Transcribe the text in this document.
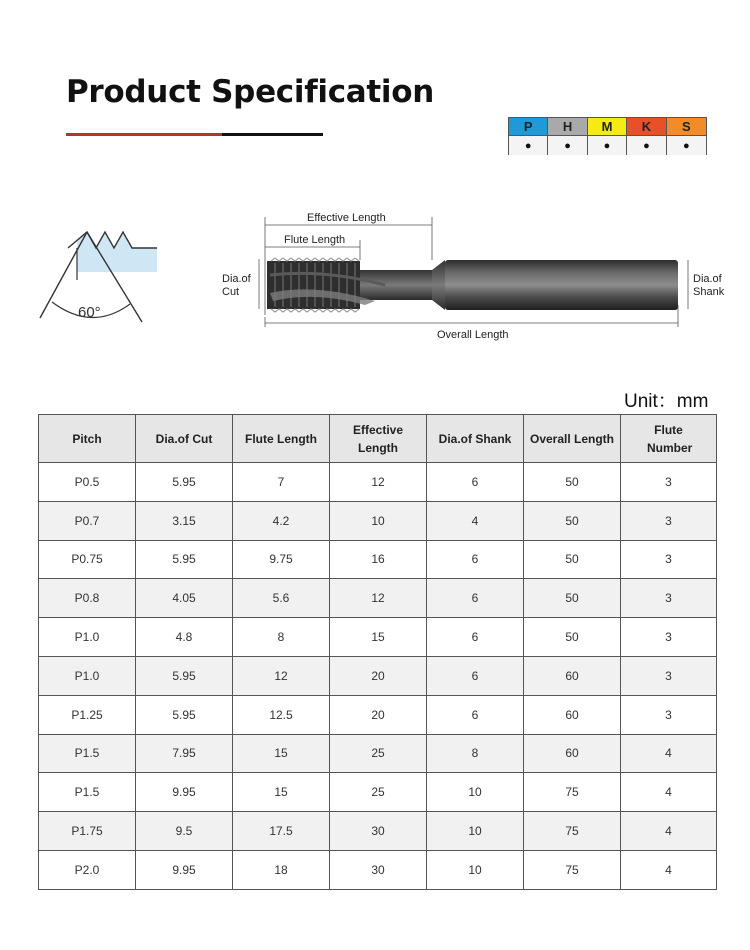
Product Specification
P	H	M	K	S
●	●	●	●	●
60°
Effective Length
Flute Length
Dia.of
Cut
Dia.of
Shank
Overall Length
Unit：mm
Pitch	Dia.of Cut	Flute Length	Effective Length	Dia.of Shank	Overall Length	Flute Number
P0.5	5.95	7	12	6	50	3
P0.7	3.15	4.2	10	4	50	3
P0.75	5.95	9.75	16	6	50	3
P0.8	4.05	5.6	12	6	50	3
P1.0	4.8	8	15	6	50	3
P1.0	5.95	12	20	6	60	3
P1.25	5.95	12.5	20	6	60	3
P1.5	7.95	15	25	8	60	4
P1.5	9.95	15	25	10	75	4
P1.75	9.5	17.5	30	10	75	4
P2.0	9.95	18	30	10	75	4
